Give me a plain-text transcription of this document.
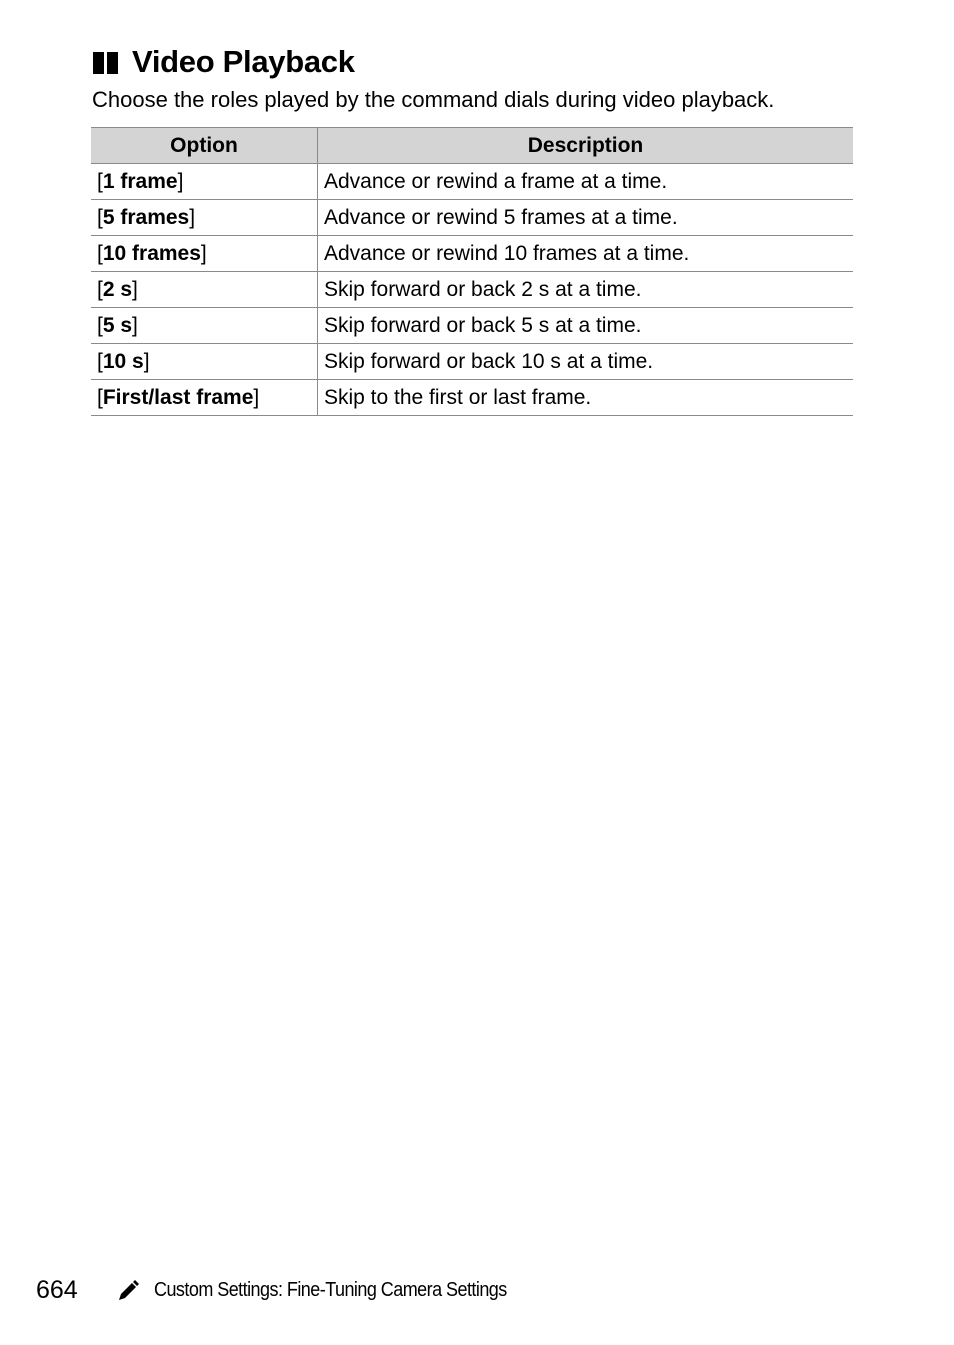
Video Playback

Choose the roles played by the command dials during video playback.

Option	Description
[1 frame]	Advance or rewind a frame at a time.
[5 frames]	Advance or rewind 5 frames at a time.
[10 frames]	Advance or rewind 10 frames at a time.
[2 s]	Skip forward or back 2 s at a time.
[5 s]	Skip forward or back 5 s at a time.
[10 s]	Skip forward or back 10 s at a time.
[First/last frame]	Skip to the first or last frame.
664	Custom Settings: Fine-Tuning Camera Settings
